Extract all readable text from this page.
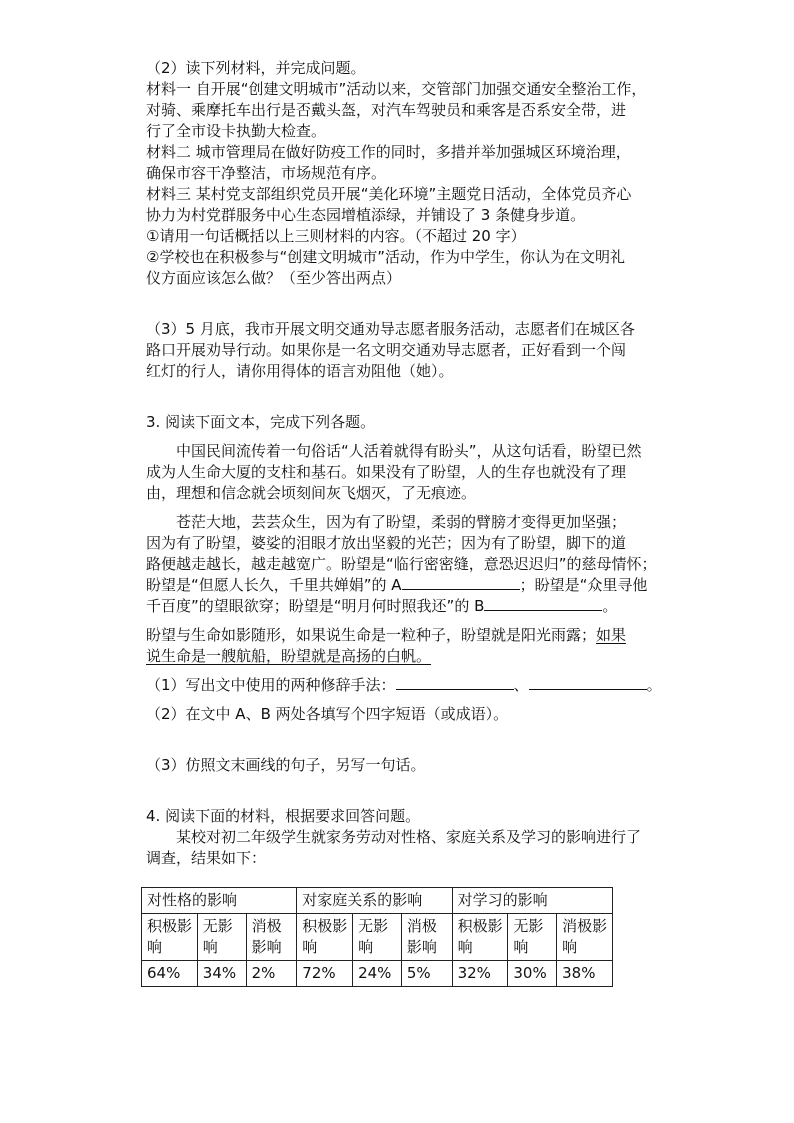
（2）读下列材料，并完成问题。

材料一 自开展“创建文明城市”活动以来，交管部门加强交通安全整治工作，

对骑、乘摩托车出行是否戴头盔，对汽车驾驶员和乘客是否系安全带，进

行了全市设卡执勤大检查。

材料二 城市管理局在做好防疫工作的同时，多措并举加强城区环境治理，

确保市容干净整洁，市场规范有序。

材料三 某村党支部组织党员开展“美化环境”主题党日活动，全体党员齐心

协力为村党群服务中心生态园增植添绿，并铺设了 3 条健身步道。

①请用一句话概括以上三则材料的内容。（不超过 20 字）

②学校也在积极参与“创建文明城市”活动，作为中学生，你认为在文明礼

仪方面应该怎么做？（至少答出两点）

（3）5 月底，我市开展文明交通劝导志愿者服务活动，志愿者们在城区各

路口开展劝导行动。如果你是一名文明交通劝导志愿者，正好看到一个闯

红灯的行人，请你用得体的语言劝阻他（她）。

3. 阅读下面文本，完成下列各题。

中国民间流传着一句俗话“人活着就得有盼头”，从这句话看，盼望已然

成为人生命大厦的支柱和基石。如果没有了盼望，人的生存也就没有了理

由，理想和信念就会顷刻间灰飞烟灭，了无痕迹。

苍茫大地，芸芸众生，因为有了盼望，柔弱的臂膀才变得更加坚强；

因为有了盼望，婆娑的泪眼才放出坚毅的光芒；因为有了盼望，脚下的道

路便越走越长，越走越宽广。盼望是“临行密密缝，意恐迟迟归”的慈母情怀；

盼望是“但愿人长久，千里共婵娟”的 A	；盼望是“众里寻他

千百度”的望眼欲穿；盼望是“明月何时照我还”的 B	。

盼望与生命如影随形，如果说生命是一粒种子，盼望就是阳光雨露；如果

说生命是一艘航船，盼望就是高扬的白帆。

（1）写出文中使用的两种修辞手法：	、	。

（2）在文中 A、B 两处各填写个四字短语（或成语）。

（3）仿照文末画线的句子，另写一句话。

4. 阅读下面的材料，根据要求回答问题。

某校对初二年级学生就家务劳动对性格、家庭关系及学习的影响进行了

调查，结果如下：

对性格的影响			对家庭关系的影响			对学习的影响		
积极影响	无影响	消极影响	积极影响	无影响	消极影响	积极影响	无影响	消极影响
64%	34%	2%	72%	24%	5%	32%	30%	38%
